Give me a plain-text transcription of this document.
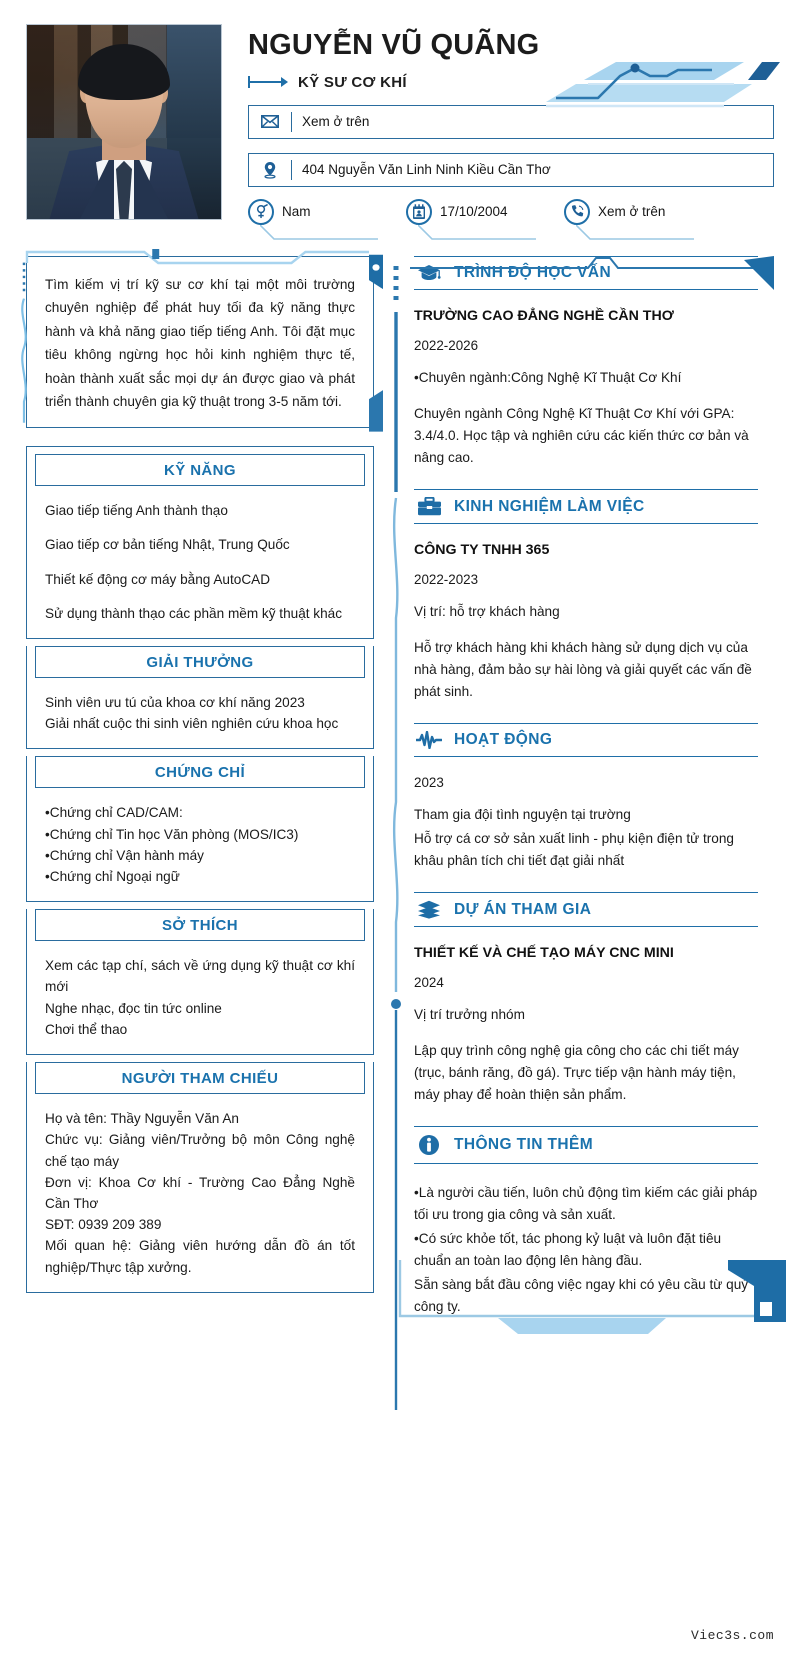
NGUYỄN VŨ QUÃNG
KỸ SƯ CƠ KHÍ
Xem ở trên
404 Nguyễn Văn Linh Ninh Kiều Cần Thơ
Nam	17/10/2004	Xem ở trên
Tìm kiếm vị trí kỹ sư cơ khí tại một môi trường chuyên nghiệp để phát huy tối đa kỹ năng thực hành và khả năng giao tiếp tiếng Anh. Tôi đặt mục tiêu không ngừng học hỏi kinh nghiệm thực tế, hoàn thành xuất sắc mọi dự án được giao và phát triển thành chuyên gia kỹ thuật trong 3-5 năm tới.
KỸ NĂNG

Giao tiếp tiếng Anh thành thạo

Giao tiếp cơ bản tiếng Nhật, Trung Quốc

Thiết kế động cơ máy bằng AutoCAD

Sử dụng thành thạo các phần mềm kỹ thuật khác

GIẢI THƯỞNG

Sinh viên ưu tú của khoa cơ khí năng 2023

Giải nhất cuộc thi sinh viên nghiên cứu khoa học

CHỨNG CHỈ

•Chứng chỉ CAD/CAM:

•Chứng chỉ Tin học Văn phòng (MOS/IC3)

•Chứng chỉ Vận hành máy

•Chứng chỉ Ngoại ngữ

SỞ THÍCH

Xem các tạp chí, sách về ứng dụng kỹ thuật cơ khí mới

Nghe nhạc, đọc tin tức online

Chơi thể thao

NGƯỜI THAM CHIẾU

Họ và tên: Thầy Nguyễn Văn An

Chức vụ: Giảng viên/Trưởng bộ môn Công nghệ chế tạo máy

Đơn vị: Khoa Cơ khí - Trường Cao Đẳng Nghề Cần Thơ

SĐT: 0939 209 389

Mối quan hệ: Giảng viên hướng dẫn đồ án tốt nghiệp/Thực tập xưởng.

TRÌNH ĐỘ HỌC VẤN
TRƯỜNG CAO ĐẲNG NGHỀ CẦN THƠ
2022-2026
•Chuyên ngành:Công Nghệ Kĩ Thuật Cơ Khí
Chuyên ngành Công Nghệ Kĩ Thuật Cơ Khí với GPA: 3.4/4.0. Học tập và nghiên cứu các kiến thức cơ bản và nâng cao.
KINH NGHIỆM LÀM VIỆC
CÔNG TY TNHH 365
2022-2023
Vị trí: hỗ trợ khách hàng
Hỗ trợ khách hàng khi khách hàng sử dụng dịch vụ của nhà hàng, đảm bảo sự hài lòng và giải quyết các vấn đề phát sinh.
HOẠT ĐỘNG
2023
Tham gia đội tình nguyện tại trường
Hỗ trợ cá cơ sở sản xuất linh - phụ kiện điện tử trong khâu phân tích chi tiết đạt giải nhất
DỰ ÁN THAM GIA
THIẾT KẾ VÀ CHẾ TẠO MÁY CNC MINI
2024
Vị trí trưởng nhóm
Lập quy trình công nghệ gia công cho các chi tiết máy (trục, bánh răng, đồ gá). Trực tiếp vận hành máy tiện, máy phay để hoàn thiện sản phẩm.
THÔNG TIN THÊM
•Là người cầu tiến, luôn chủ động tìm kiếm các giải pháp tối ưu trong gia công và sản xuất.
•Có sức khỏe tốt, tác phong kỷ luật và luôn đặt tiêu chuẩn an toàn lao động lên hàng đầu.
Sẵn sàng bắt đầu công việc ngay khi có yêu cầu từ quý công ty.
Viec3s.com
